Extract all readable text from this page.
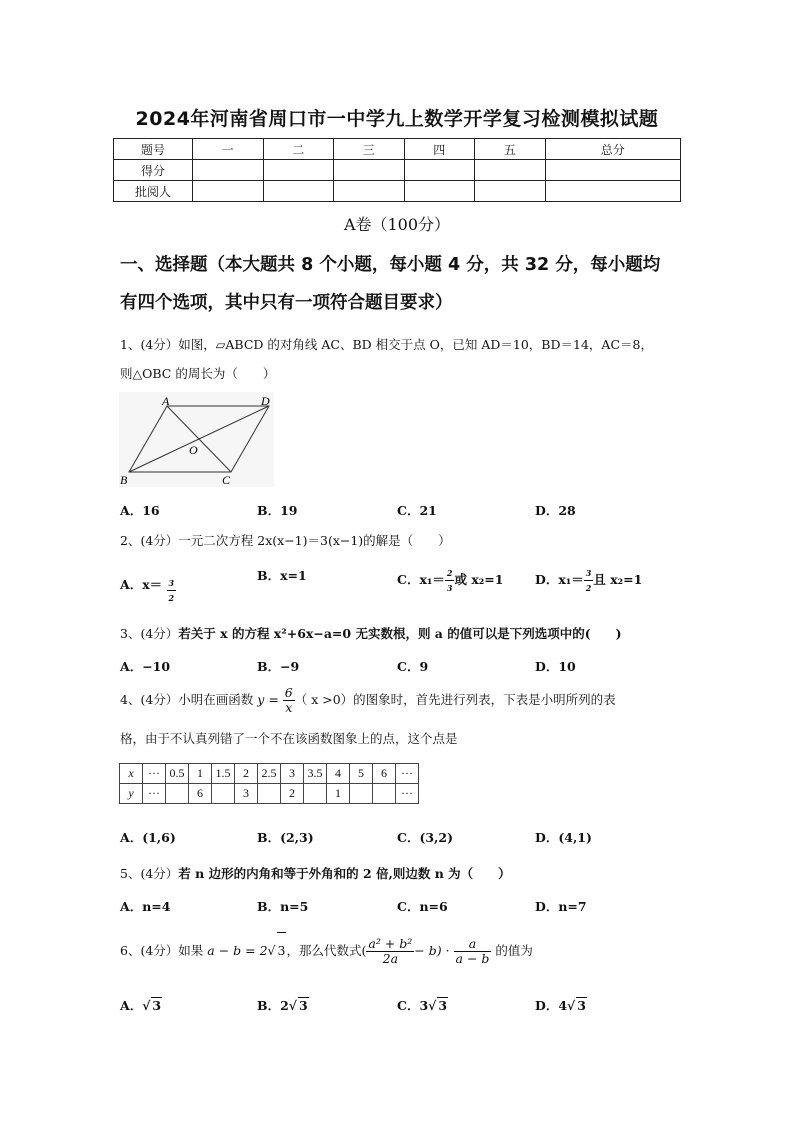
2024年河南省周口市一中学九上数学开学复习检测模拟试题
题号	一	二	三	四	五	总分
得分						
批阅人						
A卷（100分）
一、选择题（本大题共 8 个小题，每小题 4 分，共 32 分，每小题均
有四个选项，其中只有一项符合题目要求）
1、(4分）如图，▱ABCD 的对角线 AC、BD 相交于点 O，已知 AD＝10，BD＝14，AC＝8，
则△OBC 的周长为（　　）
A	D
B	C
O
A．16	B．19	C．21	D．28
2、(4分）一元二次方程 2x(x−1)＝3(x−1)的解是（　　）
A．$x= \frac{3}{2}$
B．x=1	C．$x_1= \frac{2}{3}$ 或 x₂=1	D．$x_1= \frac{3}{2}$ 且 x₂=1
3、(4分）若关于 x 的方程 x²+6x−a=0 无实数根，则 a 的值可以是下列选项中的(　　)
A．−10	B．−9	C．9	D．10
4、(4分）小明在画函数 $y = \frac{6}{x}$ （ x >0）的图象时，首先进行列表，下表是小明所列的表
格，由于不认真列错了一个不在该函数图象上的点，这个点是
x	···	0.5	1	1.5	2	2.5	3	3.5	4	5	6	···
y	···		6		3		2		1			···
A．(1,6)	B．(2,3)	C．(3,2)	D．(4,1)
5、(4分）若 n 边形的内角和等于外角和的 2 倍,则边数 n 为（　　）
A．n=4	B．n=5	C．n=6	D．n=7
6、(4分）如果 a − b = 2√ 3，那么代数式( $\frac{\text{a² + b²}}{2a} - b) \cdot \frac{a}{a - b}$ 的值为
A．√ 3	B．2√ 3	C．3√ 3	D．4√ 3
